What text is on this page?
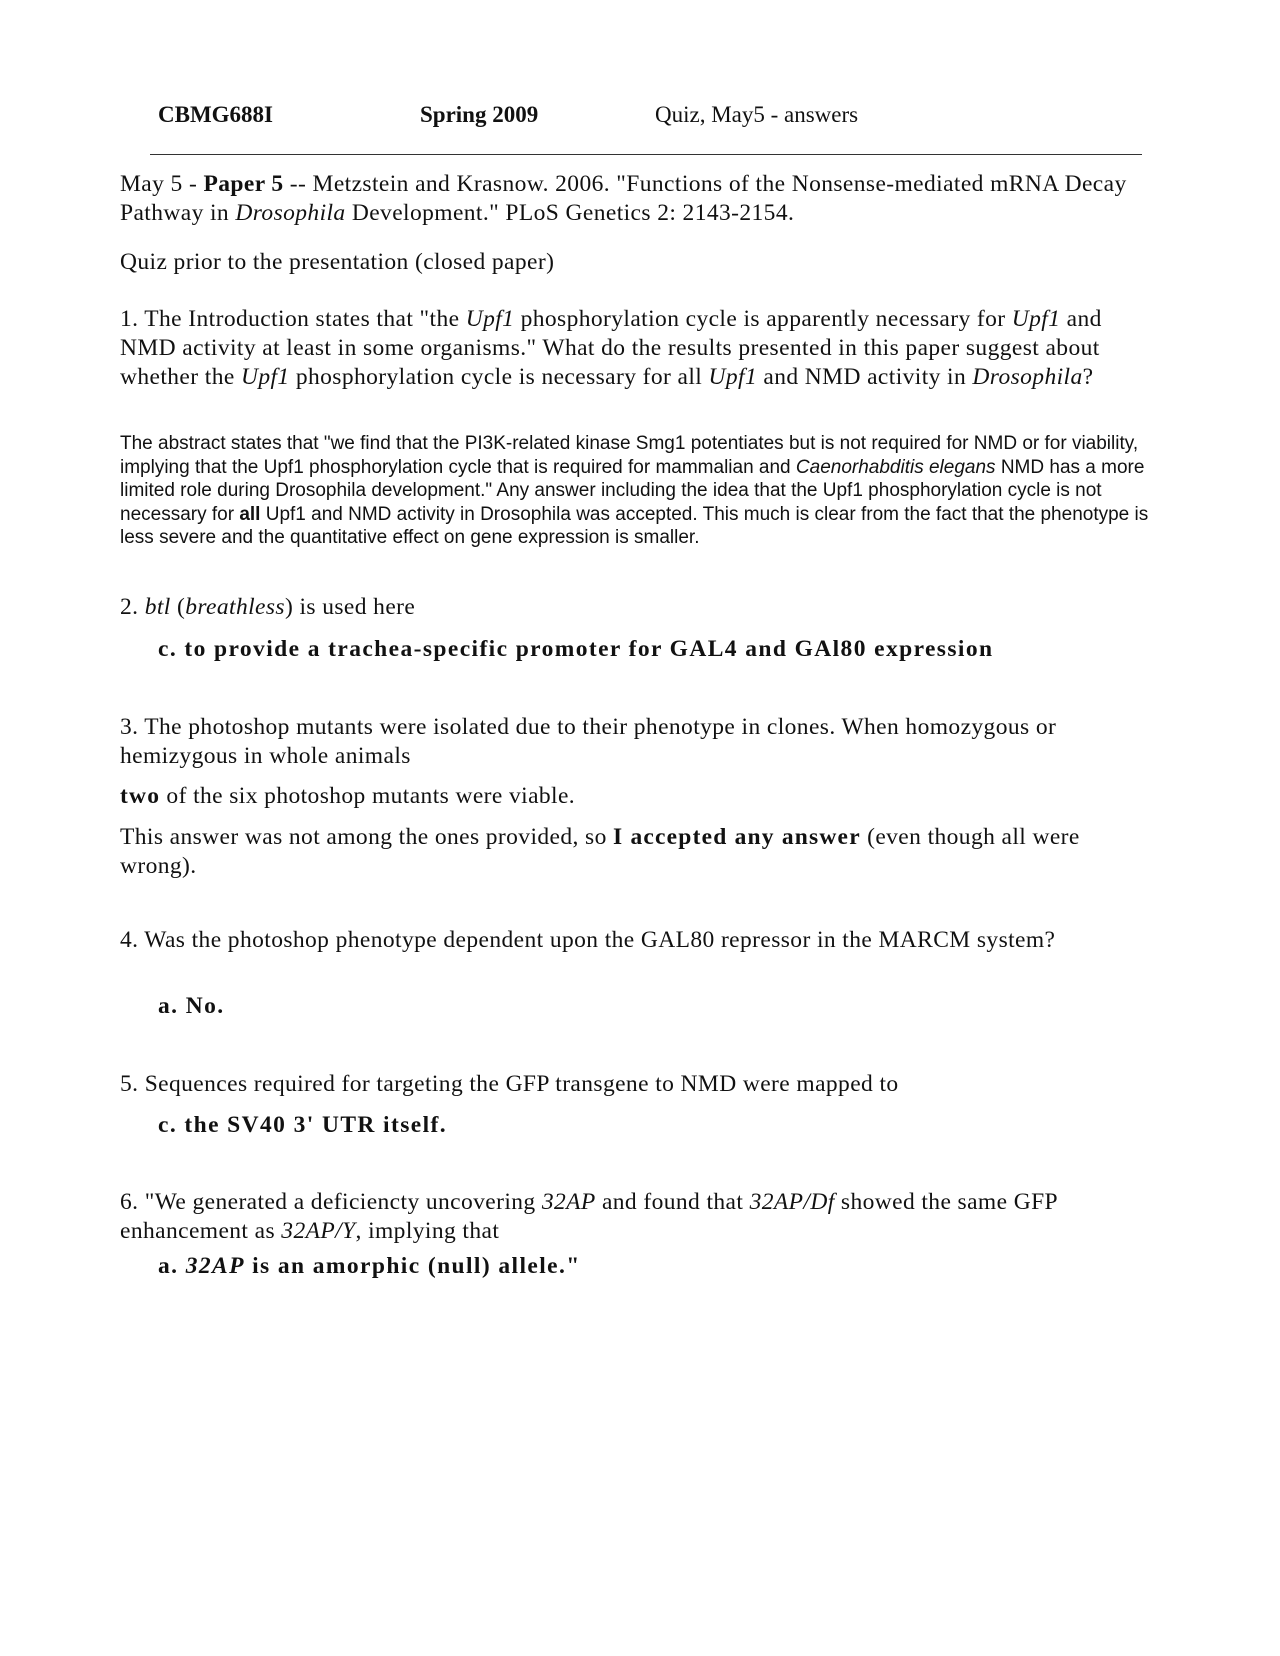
CBMG688I	Spring 2009	Quiz, May5 - answers
May 5 - Paper 5 -- Metzstein and Krasnow. 2006. "Functions of the Nonsense-mediated mRNA Decay Pathway in Drosophila Development." PLoS Genetics 2: 2143-2154.
Quiz prior to the presentation (closed paper)
1. The Introduction states that "the Upf1 phosphorylation cycle is apparently necessary for Upf1 and NMD activity at least in some organisms." What do the results presented in this paper suggest about whether the Upf1 phosphorylation cycle is necessary for all Upf1 and NMD activity in Drosophila?
The abstract states that "we find that the PI3K-related kinase Smg1 potentiates but is not required for NMD or for viability, implying that the Upf1 phosphorylation cycle that is required for mammalian and Caenorhabditis elegans NMD has a more limited role during Drosophila development." Any answer including the idea that the Upf1 phosphorylation cycle is not necessary for all Upf1 and NMD activity in Drosophila was accepted. This much is clear from the fact that the phenotype is less severe and the quantitative effect on gene expression is smaller.
2. btl (breathless) is used here
c. to provide a trachea-specific promoter for GAL4 and GAl80 expression
3. The photoshop mutants were isolated due to their phenotype in clones. When homozygous or hemizygous in whole animals
two of the six photoshop mutants were viable.
This answer was not among the ones provided, so I accepted any answer (even though all were wrong).
4. Was the photoshop phenotype dependent upon the GAL80 repressor in the MARCM system?
a. No.
5. Sequences required for targeting the GFP transgene to NMD were mapped to
c. the SV40 3' UTR itself.
6. "We generated a deficiencty uncovering 32AP and found that 32AP/Df showed the same GFP enhancement as 32AP/Y, implying that
a. 32AP is an amorphic (null) allele."
